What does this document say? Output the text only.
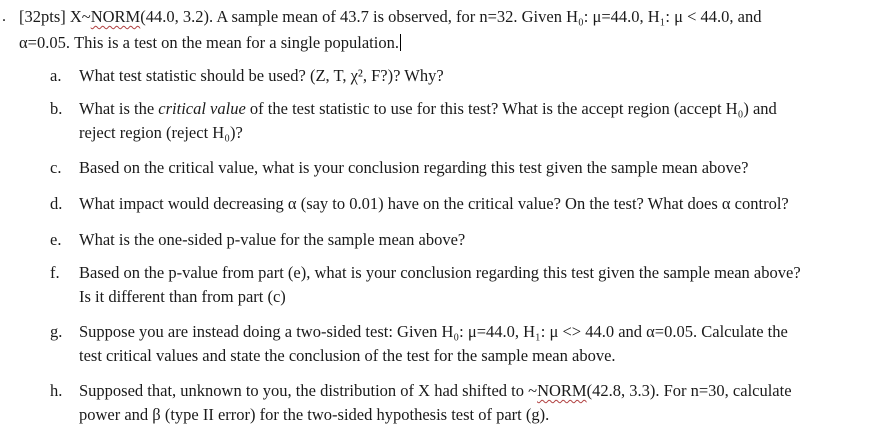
. [32pts] X~NORM(44.0, 3.2). A sample mean of 43.7 is observed, for n=32. Given H₀: μ=44.0, H₁: μ < 44.0, and
α=0.05. This is a test on the mean for a single population.
a. What test statistic should be used? (Z, T, χ², F?)? Why?
b. What is the critical value of the test statistic to use for this test? What is the accept region (accept H₀) and
reject region (reject H₀)?
c. Based on the critical value, what is your conclusion regarding this test given the sample mean above?
d. What impact would decreasing α (say to 0.01) have on the critical value? On the test? What does α control?
e. What is the one-sided p-value for the sample mean above?
f. Based on the p-value from part (e), what is your conclusion regarding this test given the sample mean above?
Is it different than from part (c)
g. Suppose you are instead doing a two-sided test: Given H₀: μ=44.0, H₁: μ <> 44.0 and α=0.05. Calculate the
test critical values and state the conclusion of the test for the sample mean above.
h. Supposed that, unknown to you, the distribution of X had shifted to ~NORM(42.8, 3.3). For n=30, calculate
power and β (type II error) for the two-sided hypothesis test of part (g).
